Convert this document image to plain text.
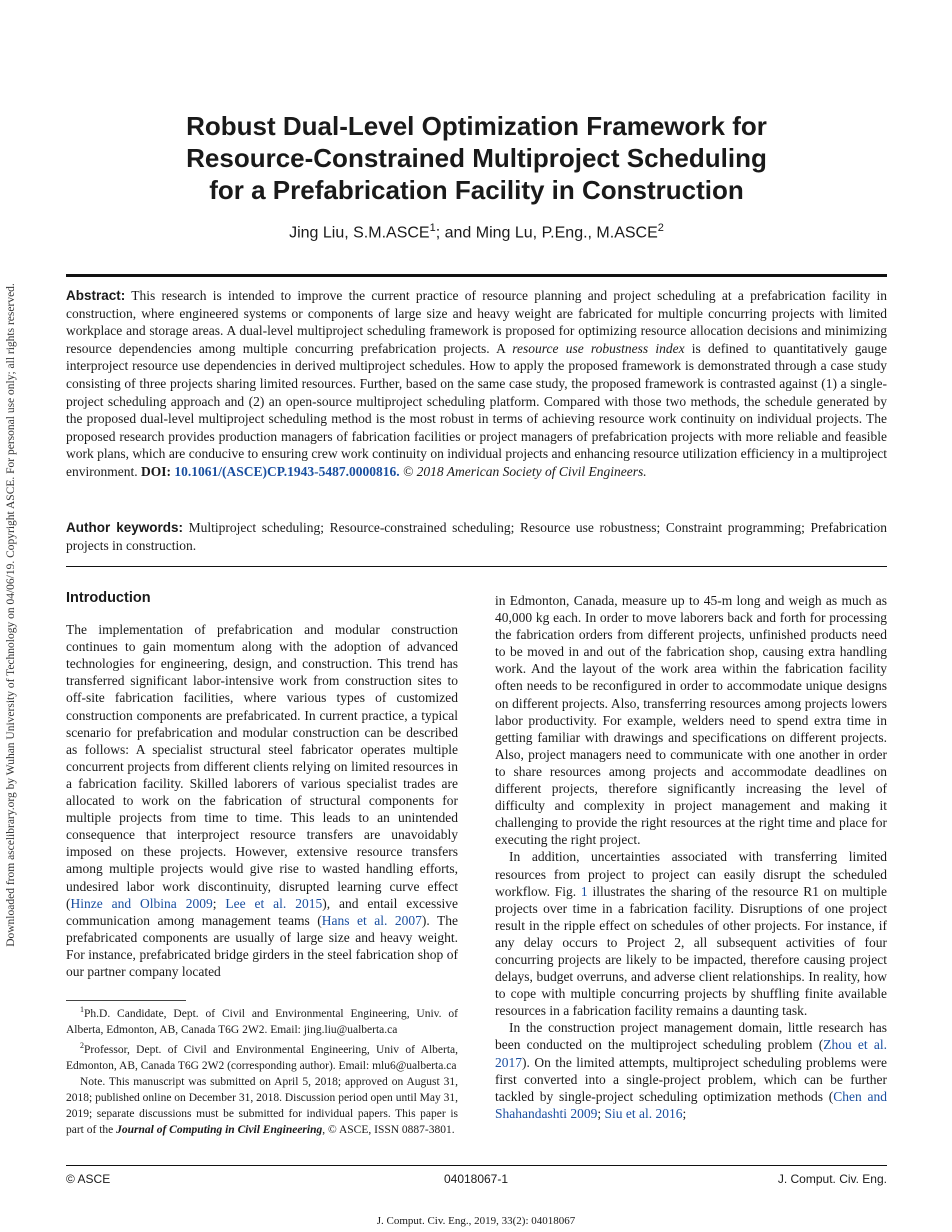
Downloaded from ascelibrary.org by Wuhan University of Technology on 04/06/19. Copyright ASCE. For personal use only; all rights reserved.
Robust Dual-Level Optimization Framework for
Resource-Constrained Multiproject Scheduling
for a Prefabrication Facility in Construction
Jing Liu, S.M.ASCE$^1$; and Ming Lu, P.Eng., M.ASCE$^2$
Abstract: This research is intended to improve the current practice of resource planning and project scheduling at a prefabrication facility in construction, where engineered systems or components of large size and heavy weight are fabricated for multiple concurring projects with limited workplace and storage areas. A dual-level multiproject scheduling framework is proposed for optimizing resource allocation decisions and minimizing resource dependencies among multiple concurring prefabrication projects. A resource use robustness index is defined to quantitatively gauge interproject resource use dependencies in derived multiproject schedules. How to apply the proposed framework is demonstrated through a case study consisting of three projects sharing limited resources. Further, based on the same case study, the proposed framework is contrasted against (1) a single-project scheduling approach and (2) an open-source multiproject scheduling platform. Compared with those two methods, the schedule generated by the proposed dual-level multiproject scheduling method is the most robust in terms of achieving resource work continuity on individual projects. The proposed research provides production managers of fabrication facilities or project managers of prefabrication projects with more reliable and feasible work plans, which are conducive to ensuring crew work continuity on individual projects and enhancing resource utilization efficiency in a multiproject environment. DOI: 10.1061/(ASCE)CP.1943-5487.0000816. © 2018 American Society of Civil Engineers.
Author keywords: Multiproject scheduling; Resource-constrained scheduling; Resource use robustness; Constraint programming; Prefabrication projects in construction.
Introduction

The implementation of prefabrication and modular construction continues to gain momentum along with the adoption of advanced technologies for engineering, design, and construction. This trend has transferred significant labor-intensive work from construction sites to off-site fabrication facilities, where various types of customized construction components are prefabricated. In current practice, a typical scenario for prefabrication and modular construction can be described as follows: A specialist structural steel fabricator operates multiple concurrent projects from different clients relying on limited resources in a fabrication facility. Skilled laborers of various specialist trades are allocated to work on the fabrication of structural components for multiple projects from time to time. This leads to an unintended consequence that interproject resource transfers are unavoidably imposed on these projects. However, extensive resource transfers among multiple projects would give rise to wasted handling efforts, undesired labor work discontinuity, disrupted learning curve effect (Hinze and Olbina 2009; Lee et al. 2015), and entail excessive communication among management teams (Hans et al. 2007). The prefabricated components are usually of large size and heavy weight. For instance, prefabricated bridge girders in the steel fabrication shop of our partner company located

$^1$Ph.D. Candidate, Dept. of Civil and Environmental Engineering, Univ. of Alberta, Edmonton, AB, Canada T6G 2W2. Email: jing.liu@ualberta.ca

$^2$Professor, Dept. of Civil and Environmental Engineering, Univ of Alberta, Edmonton, AB, Canada T6G 2W2 (corresponding author). Email: mlu6@ualberta.ca

Note. This manuscript was submitted on April 5, 2018; approved on August 31, 2018; published online on December 31, 2018. Discussion period open until May 31, 2019; separate discussions must be submitted for individual papers. This paper is part of the Journal of Computing in Civil Engineering, © ASCE, ISSN 0887-3801.

in Edmonton, Canada, measure up to 45-m long and weigh as much as 40,000 kg each. In order to move laborers back and forth for processing the fabrication orders from different projects, unfinished products need to be moved in and out of the fabrication shop, causing extra handling work. And the layout of the work area within the fabrication facility often needs to be reconfigured in order to accommodate unique designs on different projects. Also, transferring resources among projects lowers labor productivity. For example, welders need to spend extra time in getting familiar with drawings and specifications on different projects. Also, project managers need to communicate with one another in order to share resources among projects and accommodate deadlines on different projects, therefore significantly increasing the level of difficulty and complexity in project management and making it challenging to provide the right resources at the right time and place for executing the right project.

In addition, uncertainties associated with transferring limited resources from project to project can easily disrupt the scheduled workflow. Fig. 1 illustrates the sharing of the resource R1 on multiple projects over time in a fabrication facility. Disruptions of one project result in the ripple effect on schedules of other projects. For instance, if any delay occurs to Project 2, all subsequent activities of four concurring projects are likely to be impacted, therefore causing project delays, budget overruns, and adverse client relationships. In reality, how to cope with multiple concurring projects by shuffling finite available resources in a fabrication facility remains a daunting task.

In the construction project management domain, little research has been conducted on the multiproject scheduling problem (Zhou et al. 2017). On the limited attempts, multiproject scheduling problems were first converted into a single-project problem, which can be further tackled by single-project scheduling optimization methods (Chen and Shahandashti 2009; Siu et al. 2016;

© ASCE	04018067-1	J. Comput. Civ. Eng.
J. Comput. Civ. Eng., 2019, 33(2): 04018067
